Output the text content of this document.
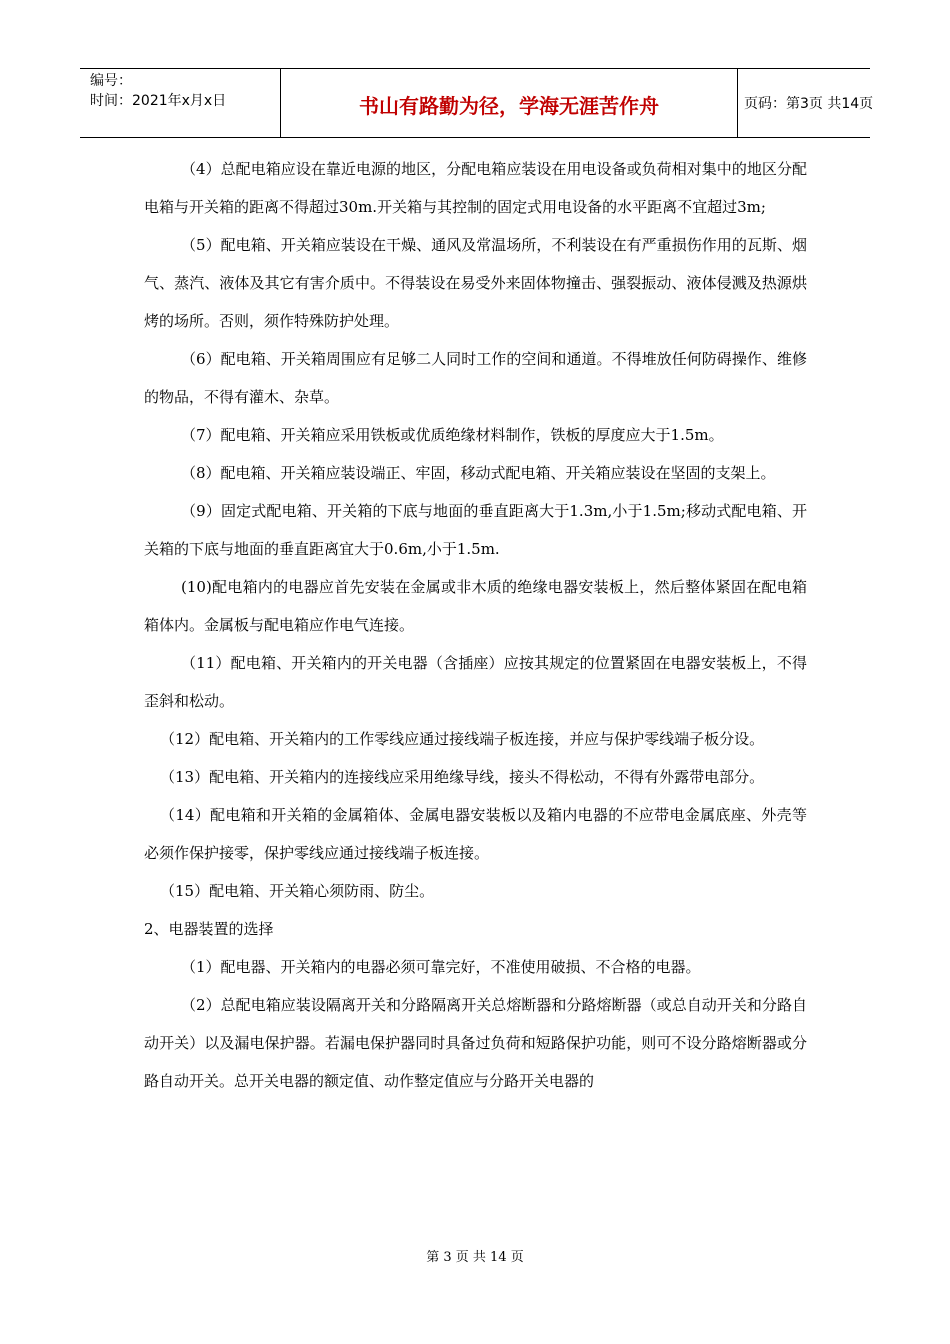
编号：
时间：2021年x月x日	书山有路勤为径，学海无涯苦作舟	页码：第3页 共14页

（4）总配电箱应设在靠近电源的地区，分配电箱应装设在用电设备或负荷相对集中的地区分配电箱与开关箱的距离不得超过30m.开关箱与其控制的固定式用电设备的水平距离不宜超过3m;

（5）配电箱、开关箱应装设在干燥、通风及常温场所，不利装设在有严重损伤作用的瓦斯、烟气、蒸汽、液体及其它有害介质中。不得装设在易受外来固体物撞击、强裂振动、液体侵溅及热源烘烤的场所。否则，须作特殊防护处理。

（6）配电箱、开关箱周围应有足够二人同时工作的空间和通道。不得堆放任何防碍操作、维修的物品，不得有灌木、杂草。

（7）配电箱、开关箱应采用铁板或优质绝缘材料制作，铁板的厚度应大于1.5m。

（8）配电箱、开关箱应装设端正、牢固，移动式配电箱、开关箱应装设在坚固的支架上。

（9）固定式配电箱、开关箱的下底与地面的垂直距离大于1.3m,小于1.5m;移动式配电箱、开关箱的下底与地面的垂直距离宜大于0.6m,小于1.5m.

(10)配电箱内的电器应首先安装在金属或非木质的绝缘电器安装板上，然后整体紧固在配电箱箱体内。金属板与配电箱应作电气连接。

（11）配电箱、开关箱内的开关电器（含插座）应按其规定的位置紧固在电器安装板上，不得歪斜和松动。

（12）配电箱、开关箱内的工作零线应通过接线端子板连接，并应与保护零线端子板分设。

（13）配电箱、开关箱内的连接线应采用绝缘导线，接头不得松动，不得有外露带电部分。

（14）配电箱和开关箱的金属箱体、金属电器安装板以及箱内电器的不应带电金属底座、外壳等必须作保护接零，保护零线应通过接线端子板连接。

（15）配电箱、开关箱心须防雨、防尘。

2、电器装置的选择

（1）配电器、开关箱内的电器必须可靠完好，不准使用破损、不合格的电器。

（2）总配电箱应装设隔离开关和分路隔离开关总熔断器和分路熔断器（或总自动开关和分路自动开关）以及漏电保护器。若漏电保护器同时具备过负荷和短路保护功能，则可不设分路熔断器或分路自动开关。总开关电器的额定值、动作整定值应与分路开关电器的

第 3 页 共 14 页
